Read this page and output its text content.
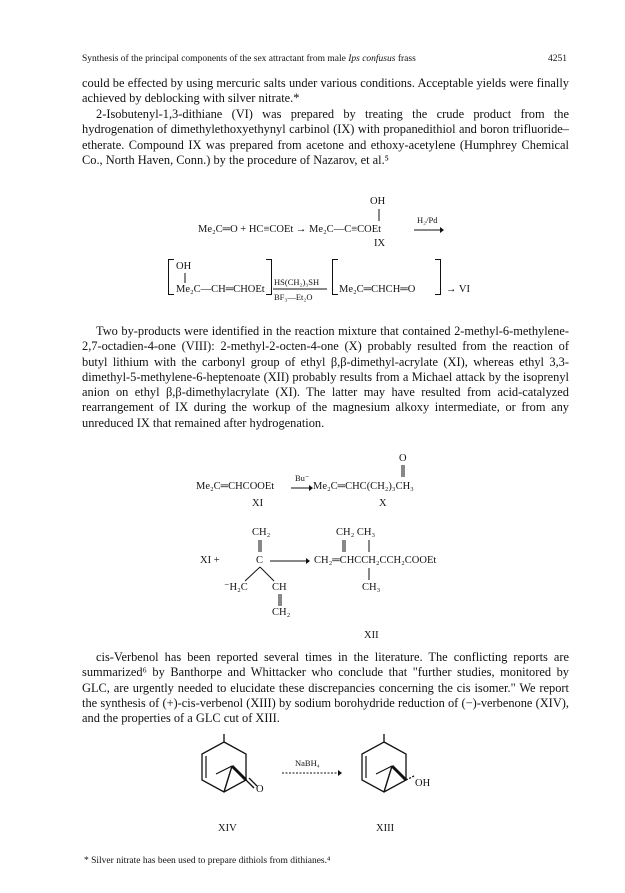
Synthesis of the principal components of the sex attractant from male Ips confusus frass	4251

could be effected by using mercuric salts under various conditions. Acceptable yields were finally achieved by deblocking with silver nitrate.*

2-Isobutenyl-1,3-dithiane (VI) was prepared by treating the crude product from the hydrogenation of dimethylethoxyethynyl carbinol (IX) with propanedithiol and boron trifluoride–etherate. Compound IX was prepared from acetone and ethoxy-acetylene (Humphrey Chemical Co., North Haven, Conn.) by the procedure of Nazarov, et al.⁵

OH
Me₂C═O + HC≡COEt → Me₂C—C≡COEt
H₂/Pd
IX
OH
Me₂C—CH═CHOEt
HS(CH₂)₃SH
BF₃—Et₂O
Me₂C═CHCH═O	→ VI

Two by-products were identified in the reaction mixture that contained 2-methyl-6-methylene-2,7-octadien-4-one (VIII): 2-methyl-2-octen-4-one (X) probably resulted from the reaction of butyl lithium with the carbonyl group of ethyl β,β-dimethyl-acrylate (XI), whereas ethyl 3,3-dimethyl-5-methylene-6-heptenoate (XII) probably results from a Michael attack by the isoprenyl anion on ethyl β,β-dimethylacrylate (XI). The latter may have resulted from acid-catalyzed rearrangement of IX during the workup of the magnesium alkoxy intermediate, or from any unreduced IX that remained after hydrogenation.

O
Me₂C═CHCOOEt
Bu⁻
Me₂C═CHC(CH₂)₃CH₃
XI	X
CH₂	CH₂ CH₃
XI +	C	CH₂═CHCCH₂CCH₂COOEt
⁻H₂C CH	CH₃
CH₂
XII

cis-Verbenol has been reported several times in the literature. The conflicting reports are summarized⁶ by Banthorpe and Whittacker who conclude that "further studies, monitored by GLC, are urgently needed to elucidate these discrepancies concerning the cis isomer." We report the synthesis of (+)-cis-verbenol (XIII) by sodium borohydride reduction of (−)-verbenone (XIV), and the properties of a GLC cut of XIII.

O
NaBH₄
OH
XIV	XIII
* Silver nitrate has been used to prepare dithiols from dithianes.⁴
